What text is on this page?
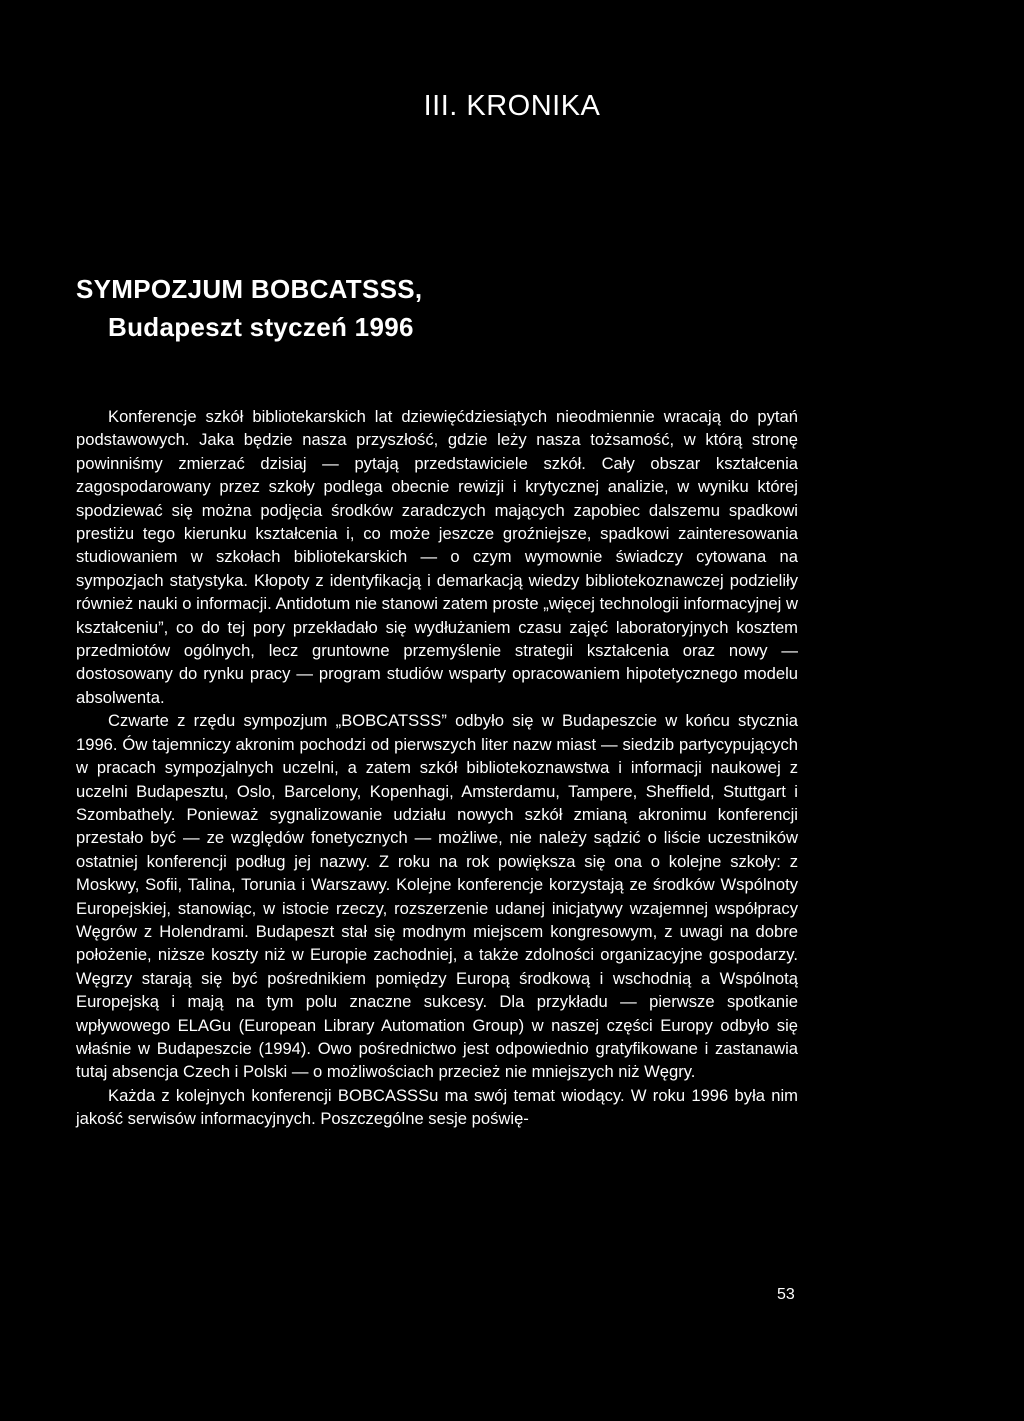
III. KRONIKA
SYMPOZJUM BOBCATSSS,
Budapeszt styczeń 1996

Konferencje szkół bibliotekarskich lat dziewięćdziesiątych nieodmiennie wracają do pytań podstawowych. Jaka będzie nasza przyszłość, gdzie leży nasza tożsamość, w którą stronę powinniśmy zmierzać dzisiaj — pytają przedstawiciele szkół. Cały obszar kształcenia zagospodarowany przez szkoły podlega obecnie rewizji i krytycznej analizie, w wyniku której spodziewać się można podjęcia środków zaradczych mających zapobiec dalszemu spadkowi prestiżu tego kierunku kształcenia i, co może jeszcze groźniejsze, spadkowi zainteresowania studiowaniem w szkołach bibliotekarskich — o czym wymownie świadczy cytowana na sympozjach statystyka. Kłopoty z identyfikacją i demarkacją wiedzy bibliotekoznawczej podzieliły również nauki o informacji. Antidotum nie stanowi zatem proste „więcej technologii informacyjnej w kształceniu”, co do tej pory przekładało się wydłużaniem czasu zajęć laboratoryjnych kosztem przedmiotów ogólnych, lecz gruntowne przemyślenie strategii kształcenia oraz nowy — dostosowany do rynku pracy — program studiów wsparty opracowaniem hipotetycznego modelu absolwenta.

Czwarte z rzędu sympozjum „BOBCATSSS” odbyło się w Budapeszcie w końcu stycznia 1996. Ów tajemniczy akronim pochodzi od pierwszych liter nazw miast — siedzib partycypujących w pracach sympozjalnych uczelni, a zatem szkół bibliotekoznawstwa i informacji naukowej z uczelni Budapesztu, Oslo, Barcelony, Kopenhagi, Amsterdamu, Tampere, Sheffield, Stuttgart i Szombathely. Ponieważ sygnalizowanie udziału nowych szkół zmianą akronimu konferencji przestało być — ze względów fonetycznych — możliwe, nie należy sądzić o liście uczestników ostatniej konferencji podług jej nazwy. Z roku na rok powiększa się ona o kolejne szkoły: z Moskwy, Sofii, Talina, Torunia i Warszawy. Kolejne konferencje korzystają ze środków Wspólnoty Europejskiej, stanowiąc, w istocie rzeczy, rozszerzenie udanej inicjatywy wzajemnej współpracy Węgrów z Holendrami. Budapeszt stał się modnym miejscem kongresowym, z uwagi na dobre położenie, niższe koszty niż w Europie zachodniej, a także zdolności organizacyjne gospodarzy. Węgrzy starają się być pośrednikiem pomiędzy Europą środkową i wschodnią a Wspólnotą Europejską i mają na tym polu znaczne sukcesy. Dla przykładu — pierwsze spotkanie wpływowego ELAGu (European Library Automation Group) w naszej części Europy odbyło się właśnie w Budapeszcie (1994). Owo pośrednictwo jest odpowiednio gratyfikowane i zastanawia tutaj absencja Czech i Polski — o możliwościach przecież nie mniejszych niż Węgry.

Każda z kolejnych konferencji BOBCASSSu ma swój temat wiodący. W roku 1996 była nim jakość serwisów informacyjnych. Poszczególne sesje poświę-

53
